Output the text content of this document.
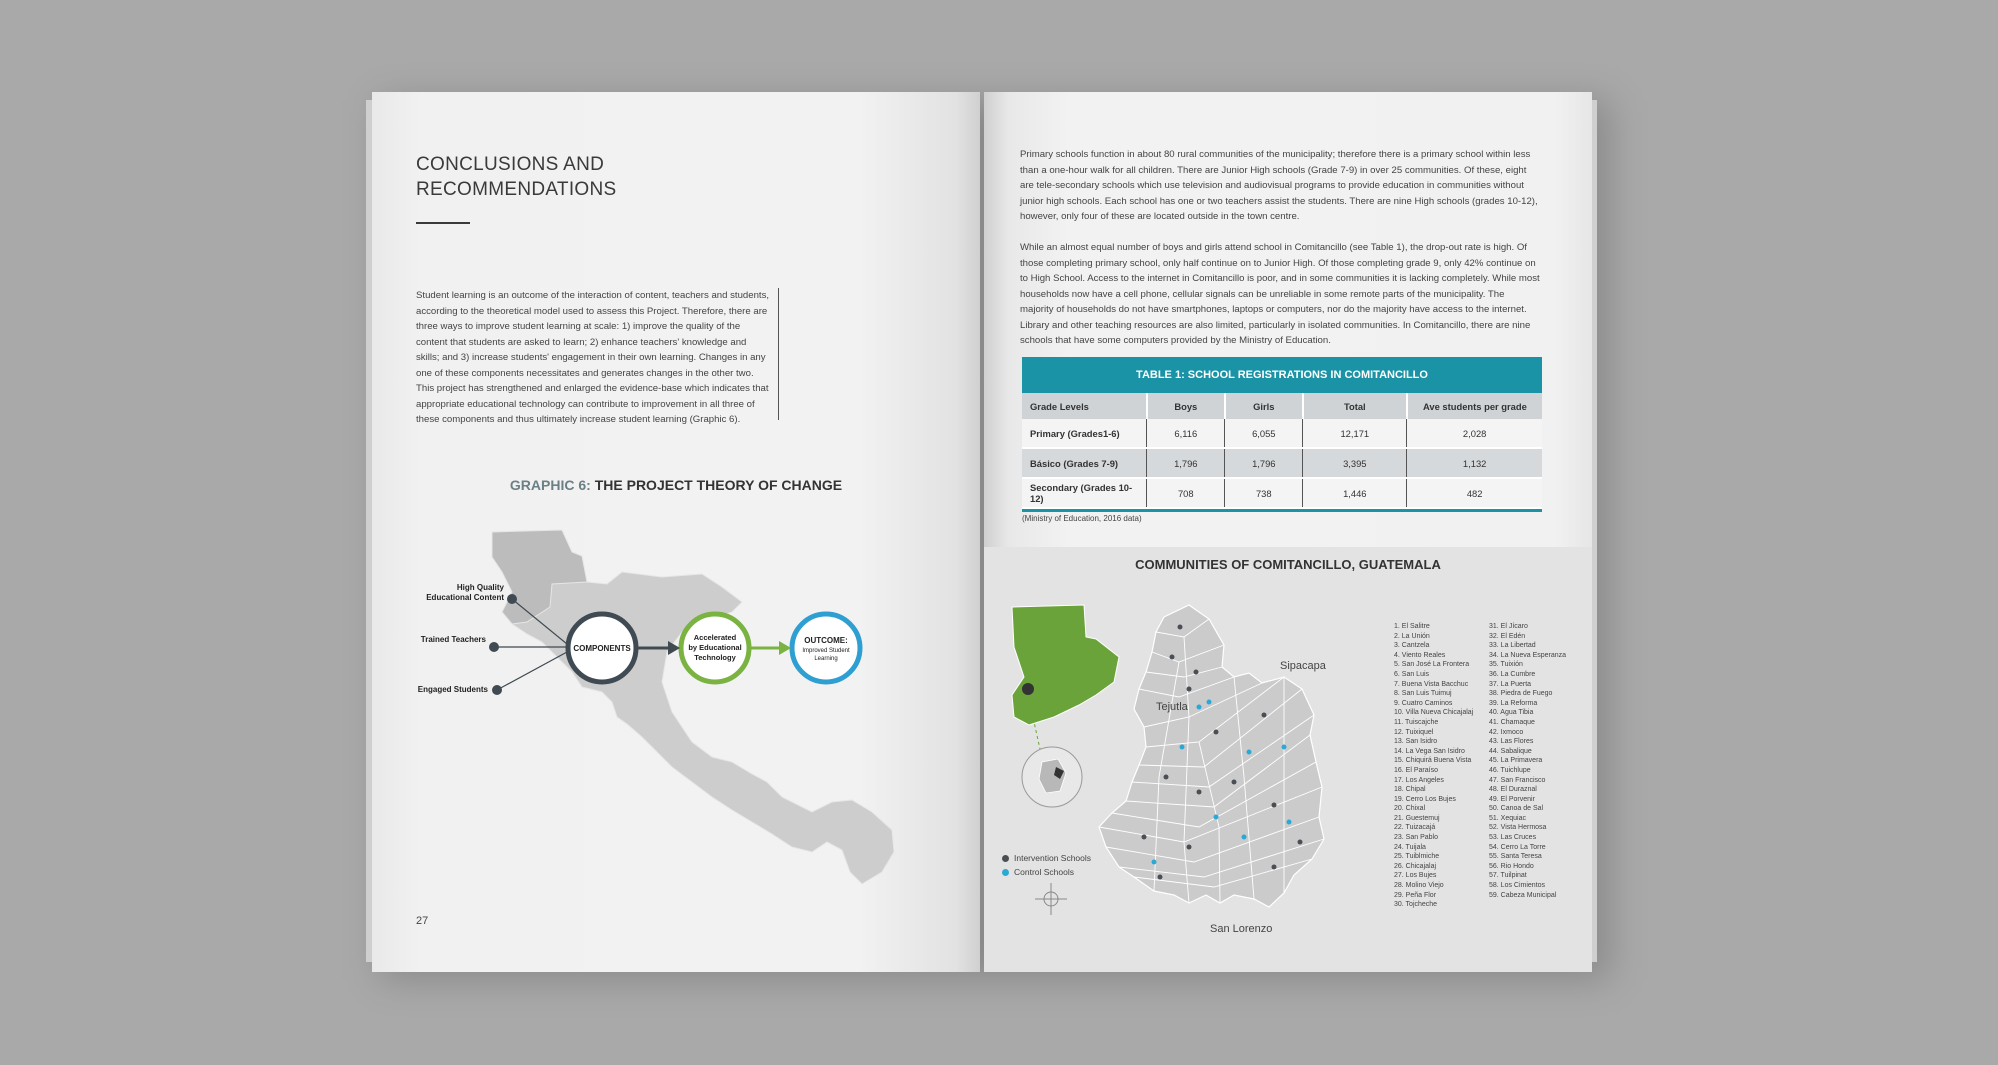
CONCLUSIONS AND
RECOMMENDATIONS
Student learning is an outcome of the interaction of content, teachers and students, according to the theoretical model used to assess this Project. Therefore, there are three ways to improve student learning at scale: 1) improve the quality of the content that students are asked to learn; 2) enhance teachers' knowledge and skills; and 3) increase students' engagement in their own learning. Changes in any one of these components necessitates and generates changes in the other two. This project has strengthened and enlarged the evidence-base which indicates that appropriate educational technology can contribute to improvement in all three of these components and thus ultimately increase student learning (Graphic 6).
GRAPHIC 6: THE PROJECT THEORY OF CHANGE
High Quality
Educational Content
Trained Teachers
Engaged Students
COMPONENTS
Accelerated
by Educational
Technology
OUTCOME:
Improved Student
Learning
27
Primary schools function in about 80 rural communities of the municipality; therefore there is a primary school within less than a one-hour walk for all children. There are Junior High schools (Grade 7-9) in over 25 communities. Of these, eight are tele-secondary schools which use television and audiovisual programs to provide education in communities without junior high schools. Each school has one or two teachers assist the students. There are nine High schools (grades 10-12), however, only four of these are located outside in the town centre.
While an almost equal number of boys and girls attend school in Comitancillo (see Table 1), the drop-out rate is high. Of those completing primary school, only half continue on to Junior High. Of those completing grade 9, only 42% continue on to High School. Access to the internet in Comitancillo is poor, and in some communities it is lacking completely. While most households now have a cell phone, cellular signals can be unreliable in some remote parts of the municipality. The majority of households do not have smartphones, laptops or computers, nor do the majority have access to the internet. Library and other teaching resources are also limited, particularly in isolated communities. In Comitancillo, there are nine schools that have some computers provided by the Ministry of Education.
TABLE 1: SCHOOL REGISTRATIONS IN COMITANCILLO
Grade Levels	Boys	Girls	Total	Ave students per grade
Primary (Grades1-6)	6,116	6,055	12,171	2,028
Básico (Grades 7-9)	1,796	1,796	3,395	1,132
Secondary (Grades 10-12)	708	738	1,446	482
(Ministry of Education, 2016 data)
COMMUNITIES OF COMITANCILLO, GUATEMALA
Sipacapa
Tejutla
San Lorenzo
Intervention Schools
Control Schools
1. El Salitre
2. La Unión
3. Cantzela
4. Viento Reales
5. San José La Frontera
6. San Luis
7. Buena Vista Bacchuc
8. San Luis Tuimuj
9. Cuatro Caminos
10. Villa Nueva Chicajalaj
11. Tuiscajche
12. Tuixiquel
13. San Isidro
14. La Vega San Isidro
15. Chiquirá Buena Vista
16. El Paraíso
17. Los Angeles
18. Chipal
19. Cerro Los Bujes
20. Chixal
21. Guestemuj
22. Tuizacajá
23. San Pablo
24. Tuijala
25. Tuiblmiche
26. Chicajalaj
27. Los Bujes
28. Molino Viejo
29. Peña Flor
30. Tojcheche
31. El Jícaro
32. El Edén
33. La Libertad
34. La Nueva Esperanza
35. Tuixión
36. La Cumbre
37. La Puerta
38. Piedra de Fuego
39. La Reforma
40. Agua Tibia
41. Chamaque
42. Ixmoco
43. Las Flores
44. Sabalique
45. La Primavera
46. Tuichlupe
47. San Francisco
48. El Duraznal
49. El Porvenir
50. Canoa de Sal
51. Xequiac
52. Vista Hermosa
53. Las Cruces
54. Cerro La Torre
55. Santa Teresa
56. Rio Hondo
57. Tuilpinat
58. Los Cimientos
59. Cabeza Municipal
